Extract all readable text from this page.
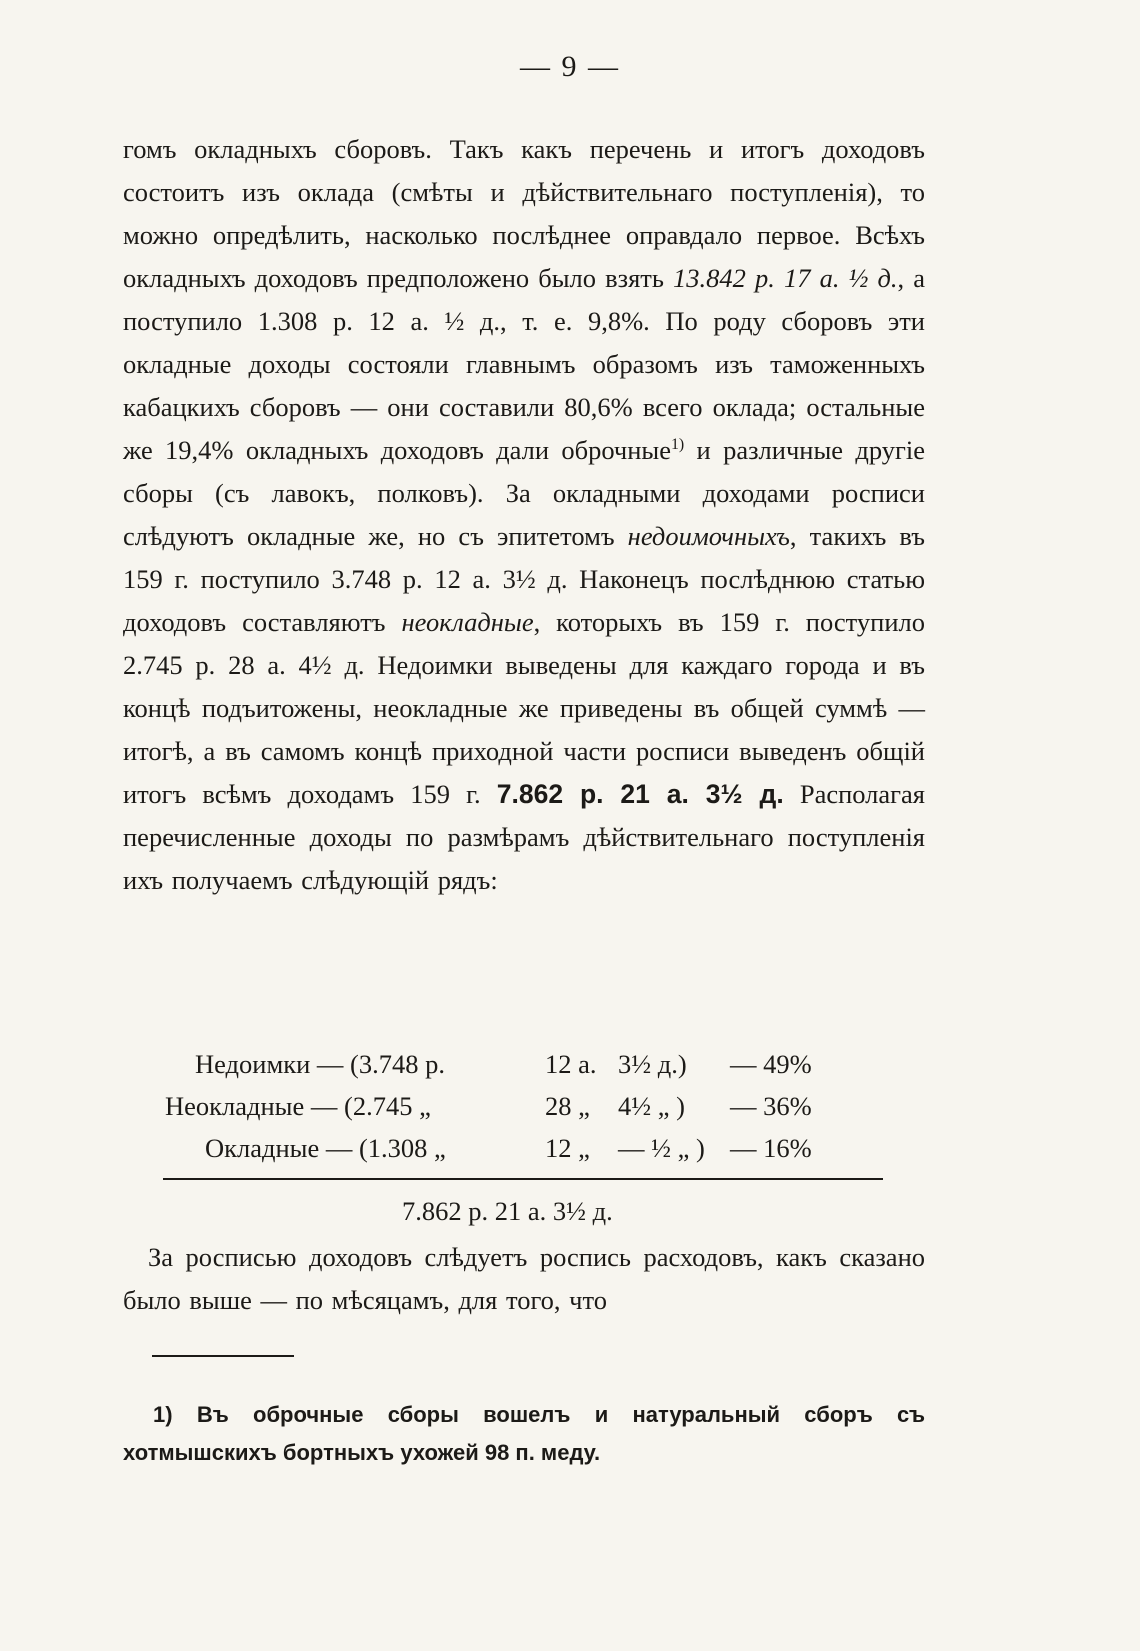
— 9 —

гомъ окладныхъ сборовъ. Такъ какъ перечень и итогъ доходовъ состоитъ изъ оклада (смѣты и дѣйствительнаго поступленія), то можно опредѣлить, насколько послѣднее оправдало первое. Всѣхъ окладныхъ доходовъ предположено было взять 13.842 р. 17 а. ½ д., а поступило 1.308 р. 12 а. ½ д., т. е. 9,8%. По роду сборовъ эти окладные доходы состояли главнымъ образомъ изъ таможенныхъ кабацкихъ сборовъ — они составили 80,6% всего оклада; остальные же 19,4% окладныхъ доходовъ дали оброчные$^{1)}$ и различные другіе сборы (съ лавокъ, полковъ). За окладными доходами росписи слѣдуютъ окладные же, но съ эпитетомъ недоимочныхъ, такихъ въ 159 г. поступило 3.748 р. 12 а. 3½ д. Наконецъ послѣднюю статью доходовъ составляютъ неокладные, которыхъ въ 159 г. поступило 2.745 р. 28 а. 4½ д. Недоимки выведены для каждаго города и въ концѣ подъитожены, неокладные же приведены въ общей суммѣ — итогѣ, а въ самомъ концѣ приходной части росписи выведенъ общій итогъ всѣмъ доходамъ 159 г. 7.862 р. 21 а. 3½ д. Располагая перечисленные доходы по размѣрамъ дѣйствительнаго поступленія ихъ получаемъ слѣдующій рядъ:

Недоимки — (3.748 р.	12 а. 3½ д.) — 49%
Неокладные — (2.745 „	28 „ 4½ „ ) — 36%
Окладные — (1.308 „	12 „ — ½ „ ) — 16%
7.862 р. 21 а. 3½ д.

За росписью доходовъ слѣдуетъ роспись расходовъ, какъ сказано было выше — по мѣсяцамъ, для того, что

1) Въ оброчные сборы вошелъ и натуральный сборъ съ хотмышскихъ бортныхъ ухожей 98 п. меду.
